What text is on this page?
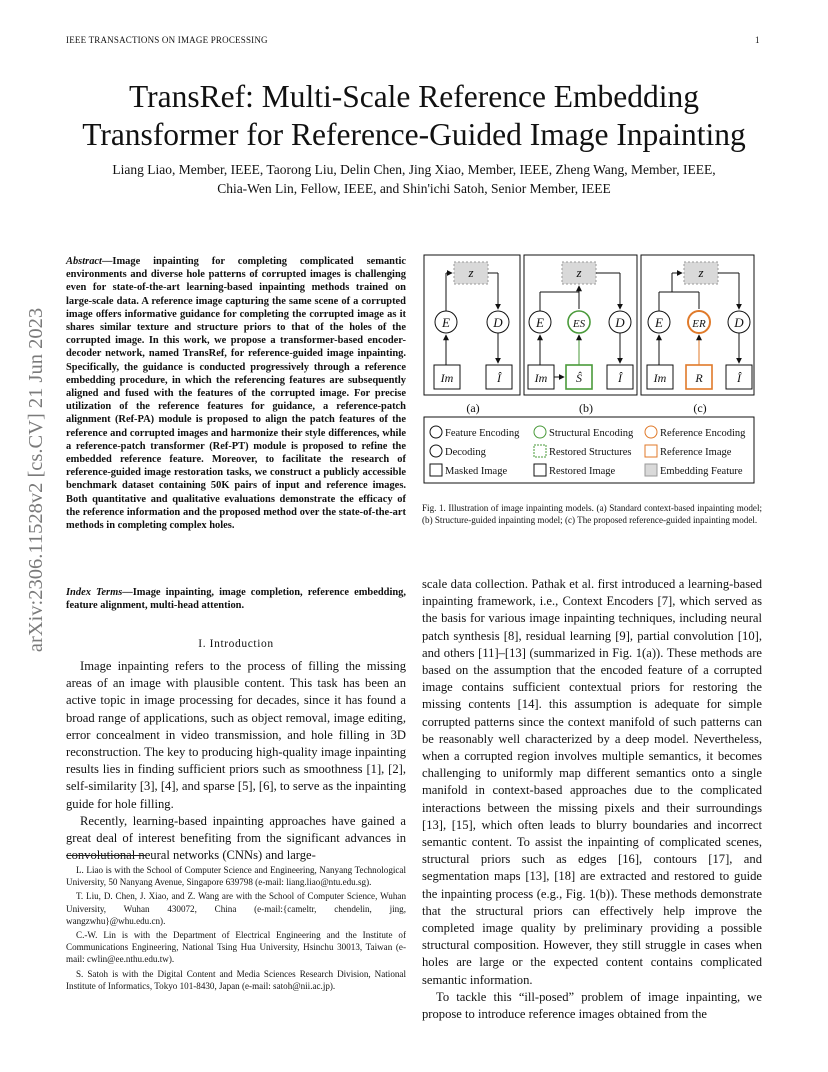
IEEE TRANSACTIONS ON IMAGE PROCESSING	1
arXiv:2306.11528v2 [cs.CV] 21 Jun 2023
TransRef: Multi-Scale Reference Embedding
Transformer for Reference-Guided Image Inpainting
Liang Liao, Member, IEEE, Taorong Liu, Delin Chen, Jing Xiao, Member, IEEE, Zheng Wang, Member, IEEE,
Chia-Wen Lin, Fellow, IEEE, and Shin'ichi Satoh, Senior Member, IEEE
Abstract—Image inpainting for completing complicated semantic environments and diverse hole patterns of corrupted images is challenging even for state-of-the-art learning-based inpainting methods trained on large-scale data. A reference image capturing the same scene of a corrupted image offers informative guidance for completing the corrupted image as it shares similar texture and structure priors to that of the holes of the corrupted image. In this work, we propose a transformer-based encoder-decoder network, named TransRef, for reference-guided image inpainting. Specifically, the guidance is conducted progressively through a reference embedding procedure, in which the referencing features are subsequently aligned and fused with the features of the corrupted image. For precise utilization of the reference features for guidance, a reference-patch alignment (Ref-PA) module is proposed to align the patch features of the reference and corrupted images and harmonize their style differences, while a reference-patch transformer (Ref-PT) module is proposed to refine the embedded reference feature. Moreover, to facilitate the research of reference-guided image restoration tasks, we construct a publicly accessible benchmark dataset containing 50K pairs of input and reference images. Both quantitative and qualitative evaluations demonstrate the efficacy of the reference information and the proposed method over the state-of-the-art methods in completing complex holes.
Index Terms—Image inpainting, image completion, reference embedding, feature alignment, multi-head attention.
I. Introduction

Image inpainting refers to the process of filling the missing areas of an image with plausible content. This task has been an active topic in image processing for decades, since it has found a broad range of applications, such as object removal, image editing, error concealment in video transmission, and hole filling in 3D reconstruction. The key to producing high-quality image inpainting results lies in finding sufficient priors such as smoothness [1], [2], self-similarity [3], [4], and sparse [5], [6], to serve as the inpainting guide for hole filling.

Recently, learning-based inpainting approaches have gained a great deal of interest benefiting from the significant advances in convolutional neural networks (CNNs) and large-

L. Liao is with the School of Computer Science and Engineering, Nanyang Technological University, 50 Nanyang Avenue, Singapore 639798 (e-mail: liang.liao@ntu.edu.sg).

T. Liu, D. Chen, J. Xiao, and Z. Wang are with the School of Computer Science, Wuhan University, Wuhan 430072, China (e-mail:{cameltr, chendelin, jing, wangzwhu}@whu.edu.cn).

C.-W. Lin is with the Department of Electrical Engineering and the Institute of Communications Engineering, National Tsing Hua University, Hsinchu 30013, Taiwan (e-mail: cwlin@ee.nthu.edu.tw).

S. Satoh is with the Digital Content and Media Sciences Research Division, National Institute of Informatics, Tokyo 101-8430, Japan (e-mail: satoh@nii.ac.jp).

z	z	z
E	D	E	ES D E	ER D
Im	Î	Im Ŝ	Î	Im R	Î
(a)	(b)	(c)
Feature Encoding
Decoding
Masked Image
Structural Encoding
Restored Structures
Restored Image
Reference Encoding
Reference Image
Embedding Feature
Fig. 1. Illustration of image inpainting models. (a) Standard context-based inpainting model; (b) Structure-guided inpainting model; (c) The proposed reference-guided inpainting model.

scale data collection. Pathak et al. first introduced a learning-based inpainting framework, i.e., Context Encoders [7], which served as the basis for various image inpainting techniques, including neural patch synthesis [8], residual learning [9], partial convolution [10], and others [11]–[13] (summarized in Fig. 1(a)). These methods are based on the assumption that the encoded feature of a corrupted image contains sufficient contextual priors for restoring the missing contents [14]. this assumption is adequate for simple corrupted patterns since the context manifold of such patterns can be reasonably well characterized by a deep model. Nevertheless, when a corrupted region involves multiple semantics, it becomes challenging to uniformly map different semantics onto a single manifold in context-based approaches due to the complicated interactions between the missing pixels and their surroundings [13], [15], which often leads to blurry boundaries and incorrect semantic content. To assist the inpainting of complicated scenes, structural priors such as edges [16], contours [17], and segmentation maps [13], [18] are extracted and restored to guide the inpainting process (e.g., Fig. 1(b)). These methods demonstrate that the structural priors can effectively help improve the completed image quality by preliminary providing a possible structural composition. However, they still struggle in cases when holes are large or the expected content contains complicated semantic information.

To tackle this “ill-posed” problem of image inpainting, we propose to introduce reference images obtained from the
